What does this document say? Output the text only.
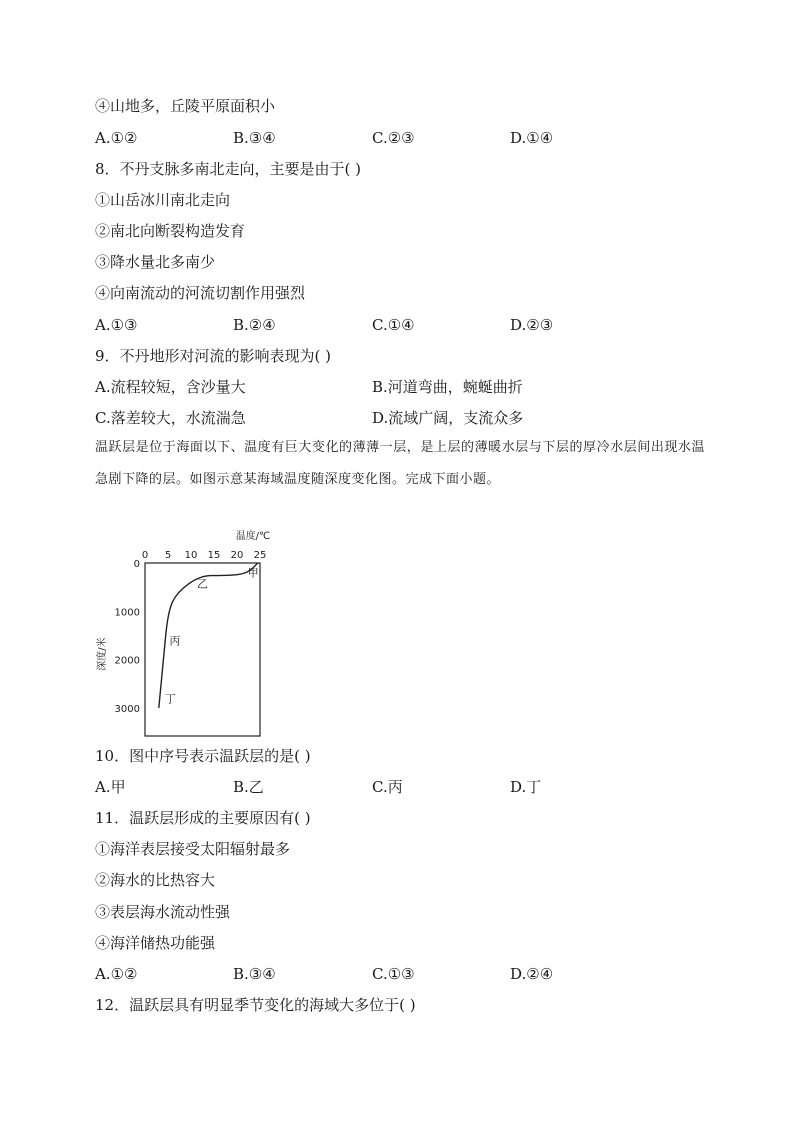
④山地多，丘陵平原面积小
A.①②	B.③④	C.②③	D.①④
8．不丹支脉多南北走向，主要是由于( )
①山岳冰川南北走向
②南北向断裂构造发育
③降水量北多南少
④向南流动的河流切割作用强烈
A.①③	B.②④	C.①④	D.②③
9．不丹地形对河流的影响表现为( )
A.流程较短，含沙量大	B.河道弯曲，蜿蜒曲折
C.落差较大，水流湍急	D.流域广阔，支流众多
温跃层是位于海面以下、温度有巨大变化的薄薄一层，是上层的薄暖水层与下层的厚冷水层间出现水温急剧下降的层。如图示意某海域温度随深度变化图。完成下面小题。
温度/℃
0 5 10 15 20 25
0
1000
2000
3000
深度/米
甲
乙
丙
丁
10．图中序号表示温跃层的是( )
A.甲	B.乙	C.丙	D.丁
11．温跃层形成的主要原因有( )
①海洋表层接受太阳辐射最多
②海水的比热容大
③表层海水流动性强
④海洋储热功能强
A.①②	B.③④	C.①③	D.②④
12．温跃层具有明显季节变化的海域大多位于( )
